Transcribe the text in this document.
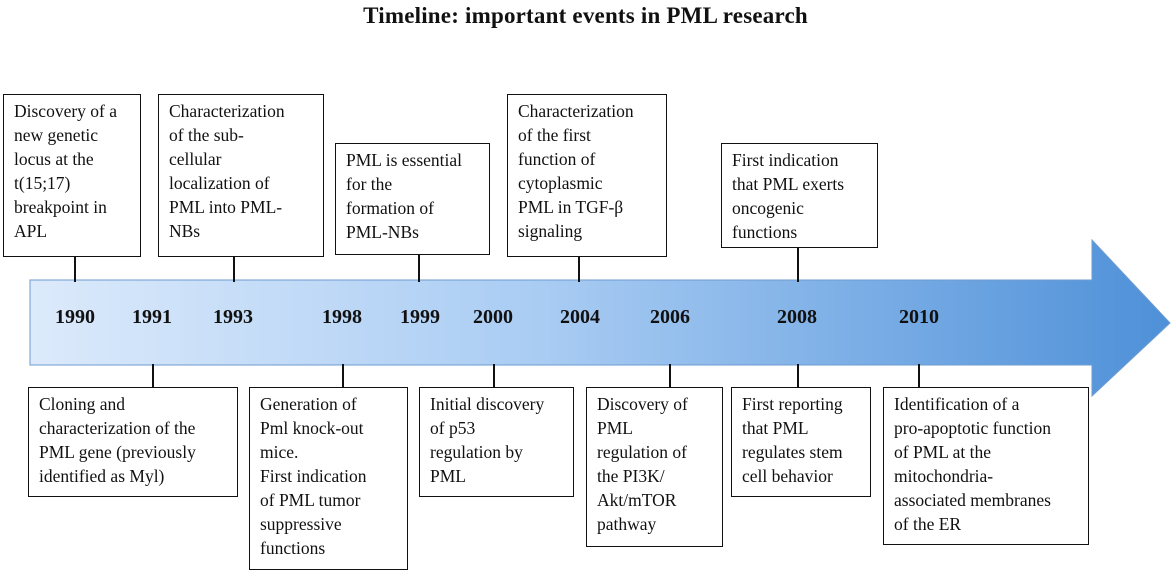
Timeline: important events in PML research
1990 1991 1993	1998 1999 2000 2004	2006	2008	2010

Discovery of a

new genetic

locus at the

t(15;17)

breakpoint in

APL

Characterization

of the sub-

cellular

localization of

PML into PML-

NBs

PML is essential

for the

formation of

PML-NBs

Characterization

of the first

function of

cytoplasmic

PML in TGF-β

signaling

First indication

that PML exerts

oncogenic

functions

Cloning and

characterization of the

PML gene (previously

identified as Myl)

Generation of

Pml knock-out

mice.

First indication

of PML tumor

suppressive

functions

Initial discovery

of p53

regulation by

PML

Discovery of

PML

regulation of

the PI3K/

Akt/mTOR

pathway

First reporting

that PML

regulates stem

cell behavior

Identification of a

pro-apoptotic function

of PML at the

mitochondria-

associated membranes

of the ER
